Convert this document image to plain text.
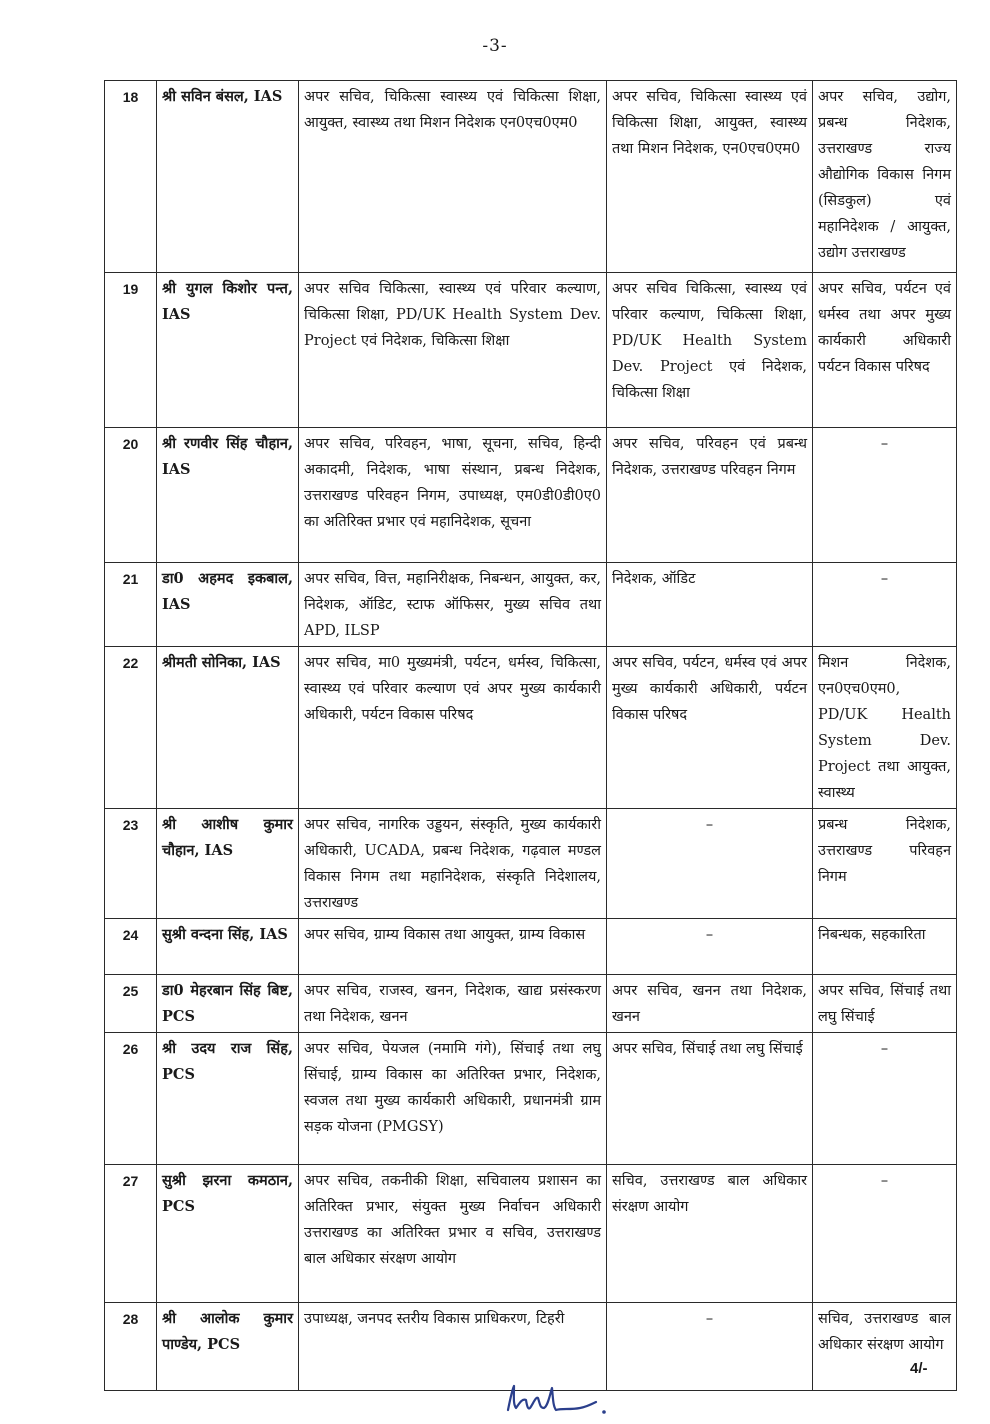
-3-
18	श्री सविन बंसल, IAS	अपर सचिव, चिकित्सा स्वास्थ्य एवं चिकित्सा शिक्षा, आयुक्त, स्वास्थ्य तथा मिशन निदेशक एन0एच0एम0	अपर सचिव, चिकित्सा स्वास्थ्य एवं चिकित्सा शिक्षा, आयुक्त, स्वास्थ्य तथा मिशन निदेशक, एन0एच0एम0	अपर सचिव, उद्योग, प्रबन्ध निदेशक, उत्तराखण्ड राज्य औद्योगिक विकास निगम (सिडकुल) एवं महानिदेशक / आयुक्त, उद्योग उत्तराखण्ड
19	श्री युगल किशोर पन्त, IAS	अपर सचिव चिकित्सा, स्वास्थ्य एवं परिवार कल्याण, चिकित्सा शिक्षा, PD/UK Health System Dev. Project एवं निदेशक, चिकित्सा शिक्षा	अपर सचिव चिकित्सा, स्वास्थ्य एवं परिवार कल्याण, चिकित्सा शिक्षा, PD/UK Health System Dev. Project एवं निदेशक, चिकित्सा शिक्षा	अपर सचिव, पर्यटन एवं धर्मस्व तथा अपर मुख्य कार्यकारी अधिकारी पर्यटन विकास परिषद
20	श्री रणवीर सिंह चौहान, IAS	अपर सचिव, परिवहन, भाषा, सूचना, सचिव, हिन्दी अकादमी, निदेशक, भाषा संस्थान, प्रबन्ध निदेशक, उत्तराखण्ड परिवहन निगम, उपाध्यक्ष, एम0डी0डी0ए0 का अतिरिक्त प्रभार एवं महानिदेशक, सूचना	अपर सचिव, परिवहन एवं प्रबन्ध निदेशक, उत्तराखण्ड परिवहन निगम	–
21	डा0 अहमद इकबाल, IAS	अपर सचिव, वित्त, महानिरीक्षक, निबन्धन, आयुक्त, कर, निदेशक, ऑडिट, स्टाफ ऑफिसर, मुख्य सचिव तथा APD, ILSP	निदेशक, ऑडिट	–
22	श्रीमती सोनिका, IAS	अपर सचिव, मा0 मुख्यमंत्री, पर्यटन, धर्मस्व, चिकित्सा, स्वास्थ्य एवं परिवार कल्याण एवं अपर मुख्य कार्यकारी अधिकारी, पर्यटन विकास परिषद	अपर सचिव, पर्यटन, धर्मस्व एवं अपर मुख्य कार्यकारी अधिकारी, पर्यटन विकास परिषद	मिशन निदेशक, एन0एच0एम0, PD/UK Health System Dev. Project तथा आयुक्त, स्वास्थ्य
23	श्री आशीष कुमार चौहान, IAS	अपर सचिव, नागरिक उड्डयन, संस्कृति, मुख्य कार्यकारी अधिकारी, UCADA, प्रबन्ध निदेशक, गढ़वाल मण्डल विकास निगम तथा महानिदेशक, संस्कृति निदेशालय, उत्तराखण्ड	–	प्रबन्ध निदेशक, उत्तराखण्ड परिवहन निगम
24	सुश्री वन्दना सिंह, IAS	अपर सचिव, ग्राम्य विकास तथा आयुक्त, ग्राम्य विकास	–	निबन्धक, सहकारिता
25	डा0 मेहरबान सिंह बिष्ट, PCS	अपर सचिव, राजस्व, खनन, निदेशक, खाद्य प्रसंस्करण तथा निदेशक, खनन	अपर सचिव, खनन तथा निदेशक, खनन	अपर सचिव, सिंचाई तथा लघु सिंचाई
26	श्री उदय राज सिंह, PCS	अपर सचिव, पेयजल (नमामि गंगे), सिंचाई तथा लघु सिंचाई, ग्राम्य विकास का अतिरिक्त प्रभार, निदेशक, स्वजल तथा मुख्य कार्यकारी अधिकारी, प्रधानमंत्री ग्राम सड़क योजना (PMGSY)	अपर सचिव, सिंचाई तथा लघु सिंचाई	–
27	सुश्री झरना कमठान, PCS	अपर सचिव, तकनीकी शिक्षा, सचिवालय प्रशासन का अतिरिक्त प्रभार, संयुक्त मुख्य निर्वाचन अधिकारी उत्तराखण्ड का अतिरिक्त प्रभार व सचिव, उत्तराखण्ड बाल अधिकार संरक्षण आयोग	सचिव, उत्तराखण्ड बाल अधिकार संरक्षण आयोग	–
28	श्री आलोक कुमार पाण्डेय, PCS	उपाध्यक्ष, जनपद स्तरीय विकास प्राधिकरण, टिहरी	–	सचिव, उत्तराखण्ड बाल अधिकार संरक्षण आयोग
4/-
